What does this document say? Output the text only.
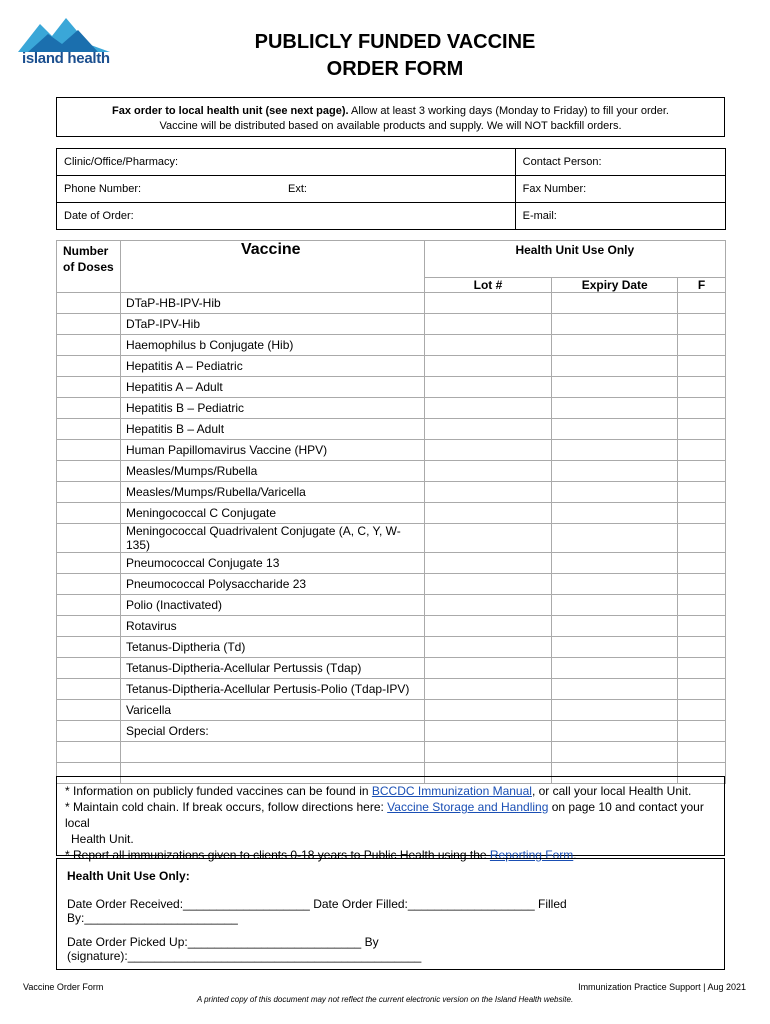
island health
PUBLICLY FUNDED VACCINE
ORDER FORM
Fax order to local health unit (see next page). Allow at least 3 working days (Monday to Friday) to fill your order.
Vaccine will be distributed based on available products and supply. We will NOT backfill orders.
Clinic/Office/Pharmacy:		Contact Person:
Phone Number:	Ext:	Fax Number:
Date of Order:		E-mail:
Number
of Doses	Vaccine	Health Unit Use Only		
		Lot #	Expiry Date	F
	DTaP-HB-IPV-Hib			
	DTaP-IPV-Hib			
	Haemophilus b Conjugate (Hib)			
	Hepatitis A – Pediatric			
	Hepatitis A – Adult			
	Hepatitis B – Pediatric			
	Hepatitis B – Adult			
	Human Papillomavirus Vaccine (HPV)			
	Measles/Mumps/Rubella			
	Measles/Mumps/Rubella/Varicella			
	Meningococcal C Conjugate			
	Meningococcal Quadrivalent Conjugate (A, C, Y, W-135)			
	Pneumococcal Conjugate 13			
	Pneumococcal Polysaccharide 23			
	Polio (Inactivated)			
	Rotavirus			
	Tetanus-Diptheria (Td)			
	Tetanus-Diptheria-Acellular Pertussis (Tdap)			
	Tetanus-Diptheria-Acellular Pertusis-Polio (Tdap-IPV)			
	Varicella			
	Special Orders:			

* Information on publicly funded vaccines can be found in BCCDC Immunization Manual, or call your local Health Unit.
* Maintain cold chain. If break occurs, follow directions here: Vaccine Storage and Handling on page 10 and contact your local
Health Unit.
* Report all immunizations given to clients 0-18 years to Public Health using the Reporting Form.
Health Unit Use Only:
Date Order Received:___________________ Date Order Filled:___________________ Filled By:_______________________
Date Order Picked Up:__________________________ By (signature):____________________________________________
Vaccine Order Form	Immunization Practice Support | Aug 2021
A printed copy of this document may not reflect the current electronic version on the Island Health website.
